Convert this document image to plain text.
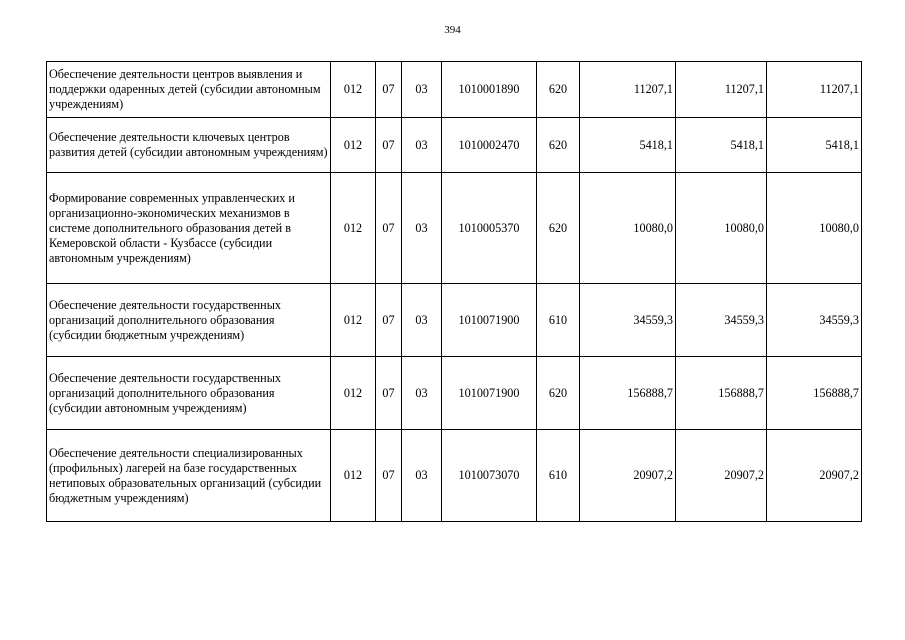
394
Обеспечение деятельности центров выявления и поддержки одаренных детей (субсидии автономным учреждениям)	012	07	03	1010001890	620	11207,1	11207,1	11207,1
Обеспечение деятельности ключевых центров развития детей (субсидии автономным учреждениям)	012	07	03	1010002470	620	5418,1	5418,1	5418,1
Формирование современных управленческих и организационно-экономических механизмов в системе дополнительного образования детей в Кемеровской области - Кузбассе (субсидии автономным учреждениям)	012	07	03	1010005370	620	10080,0	10080,0	10080,0
Обеспечение деятельности государственных организаций дополнительного образования (субсидии бюджетным учреждениям)	012	07	03	1010071900	610	34559,3	34559,3	34559,3
Обеспечение деятельности государственных организаций дополнительного образования (субсидии автономным учреждениям)	012	07	03	1010071900	620	156888,7	156888,7	156888,7
Обеспечение деятельности специализированных (профильных) лагерей на базе государственных нетиповых образовательных организаций (субсидии бюджетным учреждениям)	012	07	03	1010073070	610	20907,2	20907,2	20907,2
